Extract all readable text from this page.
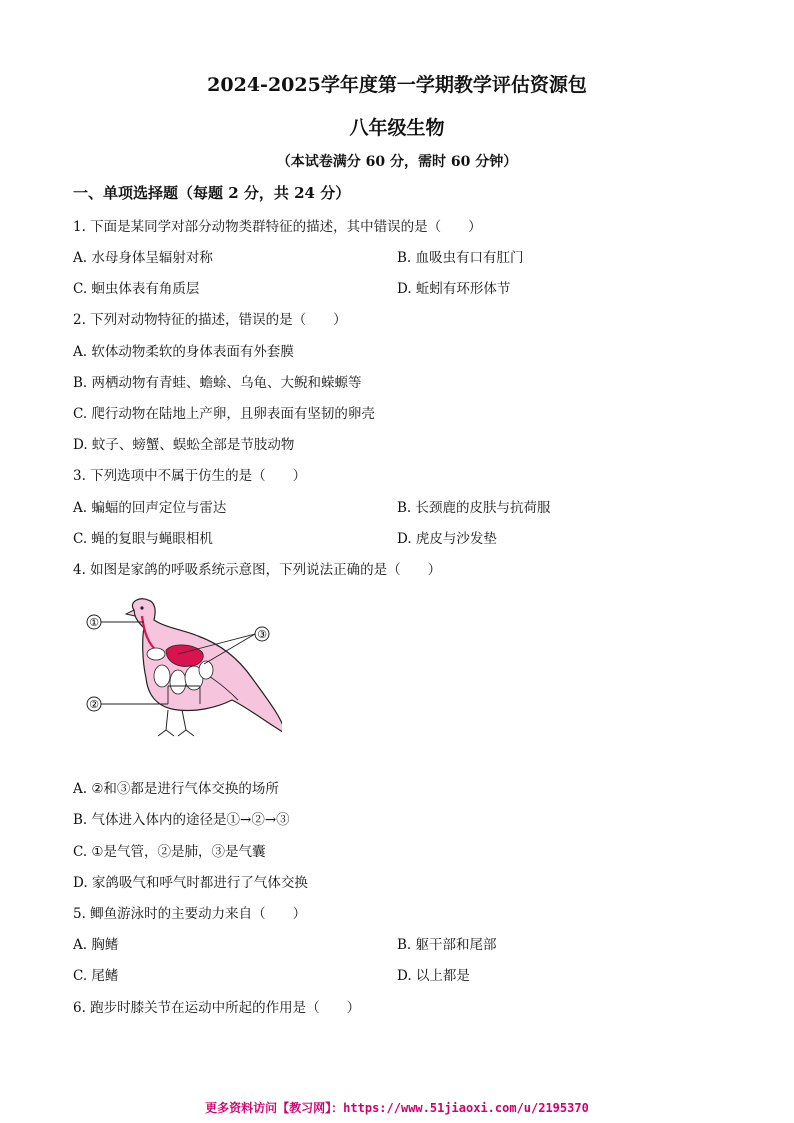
2024-2025学年度第一学期教学评估资源包
八年级生物
（本试卷满分 60 分，需时 60 分钟）
一、单项选择题（每题 2 分，共 24 分）
1. 下面是某同学对部分动物类群特征的描述，其中错误的是（　　）
A. 水母身体呈辐射对称	B. 血吸虫有口有肛门
C. 蛔虫体表有角质层	D. 蚯蚓有环形体节
2. 下列对动物特征的描述，错误的是（　　）
A. 软体动物柔软的身体表面有外套膜
B. 两栖动物有青蛙、蟾蜍、乌龟、大鲵和蝾螈等
C. 爬行动物在陆地上产卵，且卵表面有坚韧的卵壳
D. 蚊子、螃蟹、蜈蚣全部是节肢动物
3. 下列选项中不属于仿生的是（　　）
A. 蝙蝠的回声定位与雷达	B. 长颈鹿的皮肤与抗荷服
C. 蝇的复眼与蝇眼相机	D. 虎皮与沙发垫
4. 如图是家鸽的呼吸系统示意图，下列说法正确的是（　　）
①
②
③
A. ②和③都是进行气体交换的场所
B. 气体进入体内的途径是①→②→③
C. ①是气管，②是肺，③是气囊
D. 家鸽吸气和呼气时都进行了气体交换
5. 鲫鱼游泳时的主要动力来自（　　）
A. 胸鳍	B. 躯干部和尾部
C. 尾鳍	D. 以上都是
6. 跑步时膝关节在运动中所起的作用是（　　）
更多资料访问【教习网】：https://www.51jiaoxi.com/u/2195370
